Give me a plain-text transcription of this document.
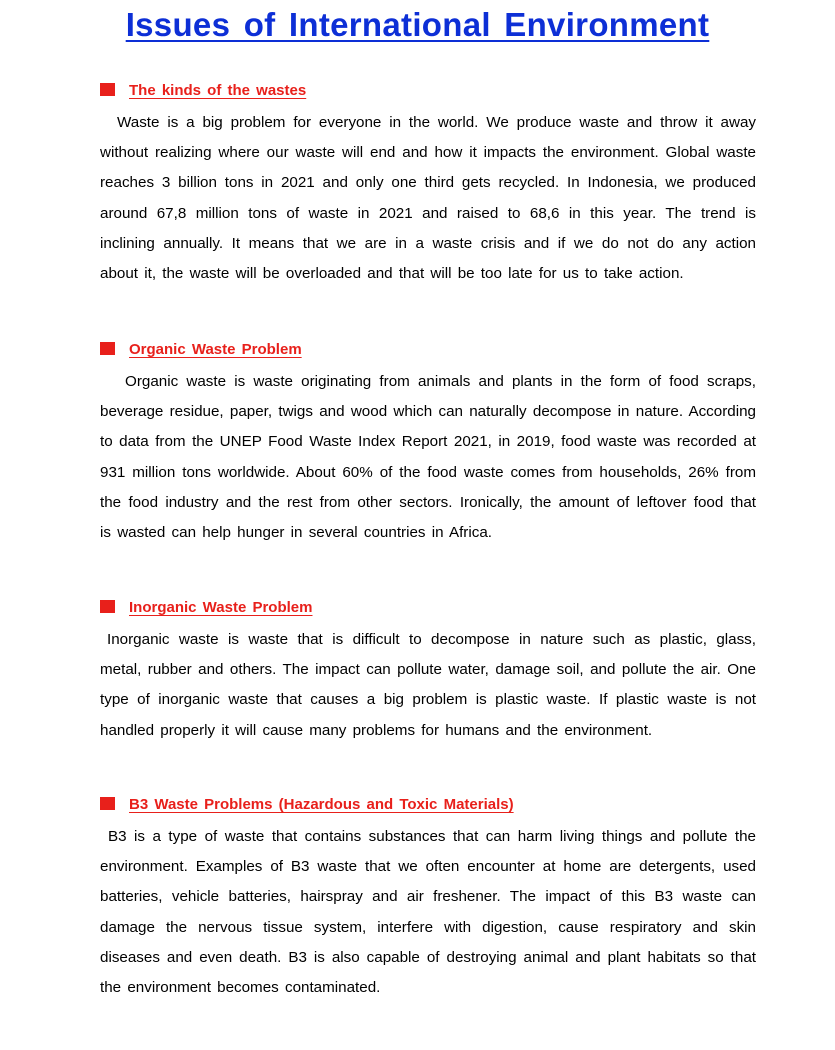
Issues of International Environment
The kinds of the wastes

Waste is a big problem for everyone in the world. We produce waste and throw it away without realizing where our waste will end and how it impacts the environment. Global waste reaches 3 billion tons in 2021 and only one third gets recycled. In Indonesia, we produced around 67,8 million tons of waste in 2021 and raised to 68,6 in this year. The trend is inclining annually. It means that we are in a waste crisis and if we do not do any action about it, the waste will be overloaded and that will be too late for us to take action.

Organic Waste Problem

Organic waste is waste originating from animals and plants in the form of food scraps, beverage residue, paper, twigs and wood which can naturally decompose in nature. According to data from the UNEP Food Waste Index Report 2021, in 2019, food waste was recorded at 931 million tons worldwide. About 60% of the food waste comes from households, 26% from the food industry and the rest from other sectors. Ironically, the amount of leftover food that is wasted can help hunger in several countries in Africa.

Inorganic Waste Problem

Inorganic waste is waste that is difficult to decompose in nature such as plastic, glass, metal, rubber and others. The impact can pollute water, damage soil, and pollute the air. One type of inorganic waste that causes a big problem is plastic waste. If plastic waste is not handled properly it will cause many problems for humans and the environment.

B3 Waste Problems (Hazardous and Toxic Materials)

B3 is a type of waste that contains substances that can harm living things and pollute the environment. Examples of B3 waste that we often encounter at home are detergents, used batteries, vehicle batteries, hairspray and air freshener. The impact of this B3 waste can damage the nervous tissue system, interfere with digestion, cause respiratory and skin diseases and even death. B3 is also capable of destroying animal and plant habitats so that the environment becomes contaminated.
